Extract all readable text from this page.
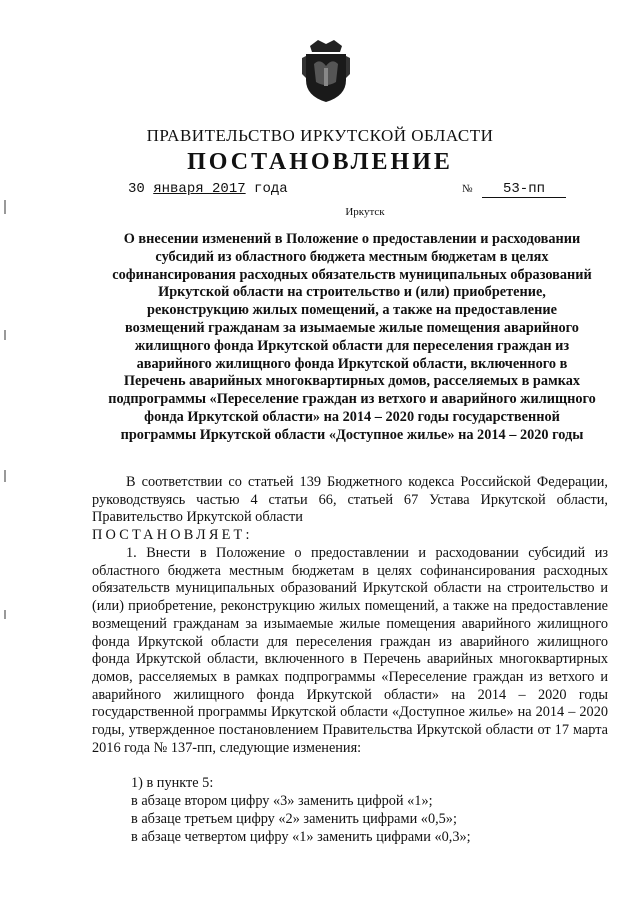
ПРАВИТЕЛЬСТВО ИРКУТСКОЙ ОБЛАСТИ
ПОСТАНОВЛЕНИЕ
30 января 2017 года	№	53-пп
Иркутск
О внесении изменений в Положение о предоставлении и расходовании субсидий из областного бюджета местным бюджетам в целях софинансирования расходных обязательств муниципальных образований Иркутской области на строительство и (или) приобретение, реконструкцию жилых помещений, а также на предоставление возмещений гражданам за изымаемые жилые помещения аварийного жилищного фонда Иркутской области для переселения граждан из аварийного жилищного фонда Иркутской области, включенного в Перечень аварийных многоквартирных домов, расселяемых в рамках подпрограммы «Переселение граждан из ветхого и аварийного жилищного фонда Иркутской области» на 2014 – 2020 годы государственной программы Иркутской области «Доступное жилье» на 2014 – 2020 годы
В соответствии со статьей 139 Бюджетного кодекса Российской Федерации, руководствуясь частью 4 статьи 66, статьей 67 Устава Иркутской области, Правительство Иркутской области
ПОСТАНОВЛЯЕТ:
1. Внести в Положение о предоставлении и расходовании субсидий из областного бюджета местным бюджетам в целях софинансирования расходных обязательств муниципальных образований Иркутской области на строительство и (или) приобретение, реконструкцию жилых помещений, а также на предоставление возмещений гражданам за изымаемые жилые помещения аварийного жилищного фонда Иркутской области для переселения граждан из аварийного жилищного фонда Иркутской области, включенного в Перечень аварийных многоквартирных домов, расселяемых в рамках подпрограммы «Переселение граждан из ветхого и аварийного жилищного фонда Иркутской области» на 2014 – 2020 годы государственной программы Иркутской области «Доступное жилье» на 2014 – 2020 годы, утвержденное постановлением Правительства Иркутской области от 17 марта 2016 года № 137-пп, следующие изменения:
1) в пункте 5:
в абзаце втором цифру «3» заменить цифрой «1»;
в абзаце третьем цифру «2» заменить цифрами «0,5»;
в абзаце четвертом цифру «1» заменить цифрами «0,3»;
